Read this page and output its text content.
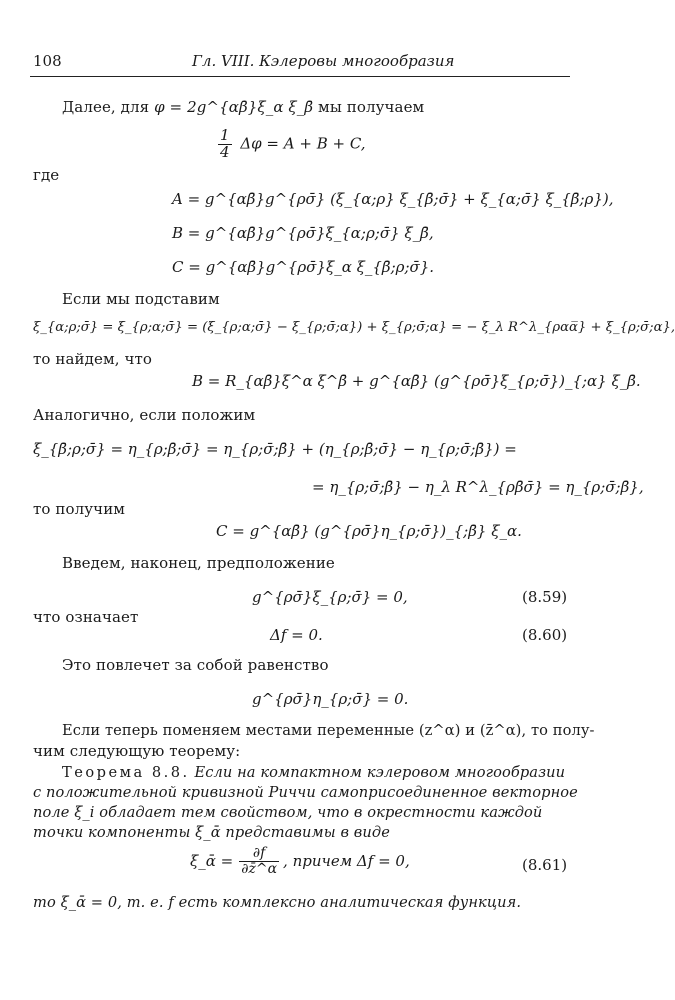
108	Гл. VIII. Кэлеровы многообразия
Далее, для φ = 2g^{αβ̄}ξ_α ξ_β̄ мы получаем
$\frac{1}{4}$ Δφ = A + B + C,
где
A = g^{αβ̄}g^{ρσ̄} (ξ_{α;ρ} ξ_{β̄;σ̄} + ξ_{α;σ̄} ξ_{β̄;ρ}),
B = g^{αβ̄}g^{ρσ̄}ξ_{α;ρ;σ̄} ξ_β̄,
C = g^{αβ̄}g^{ρσ̄}ξ_α ξ_{β̄;ρ;σ̄}.
Если мы подставим
ξ_{α;ρ;σ̄} = ξ_{ρ;α;σ̄} = (ξ_{ρ;α;σ̄} − ξ_{ρ;σ̄;α}) + ξ_{ρ;σ̄;α} = − ξ_λ R^λ_{ραα̅} + ξ_{ρ;σ̄;α},
то найдем, что
B = R_{αβ̄}ξ^α ξ^β̄ + g^{αβ̄} (g^{ρσ̄}ξ_{ρ;σ̄})_{;α} ξ_β̄.
Аналогично, если положим
ξ_{β̄;ρ;σ̄} = η_{ρ;β̄;σ̄} = η_{ρ;σ̄;β̄} + (η_{ρ;β̄;σ̄} − η_{ρ;σ̄;β̄}) =
= η_{ρ;σ̄;β̄} − η_λ R^λ_{ρβ̄σ̄} = η_{ρ;σ̄;β̄},
то получим
C = g^{αβ̄} (g^{ρσ̄}η_{ρ;σ̄})_{;β̄} ξ_α.
Введем, наконец, предположение
g^{ρσ̄}ξ_{ρ;σ̄} = 0,	(8.59)
что означает
Δf = 0.	(8.60)
Это повлечет за собой равенство
g^{ρσ̄}η_{ρ;σ̄} = 0.
Если теперь поменяем местами переменные (z^α) и (z̄^α), то полу-
чим следующую теорему:
Теорема 8.8. Если на компактном кэлеровом многообразии
с положительной кривизной Риччи самоприсоединенное векторное
поле ξ_i обладает тем свойством, что в окрестности каждой
точки компоненты ξ_ᾱ представимы в виде
ξ_ᾱ = $\frac{\partial f}{\partial z̄\^{}\alpha}$ , причем Δf = 0,	(8.61)
то ξ_ᾱ = 0, т. е. f есть комплексно аналитическая функция.
